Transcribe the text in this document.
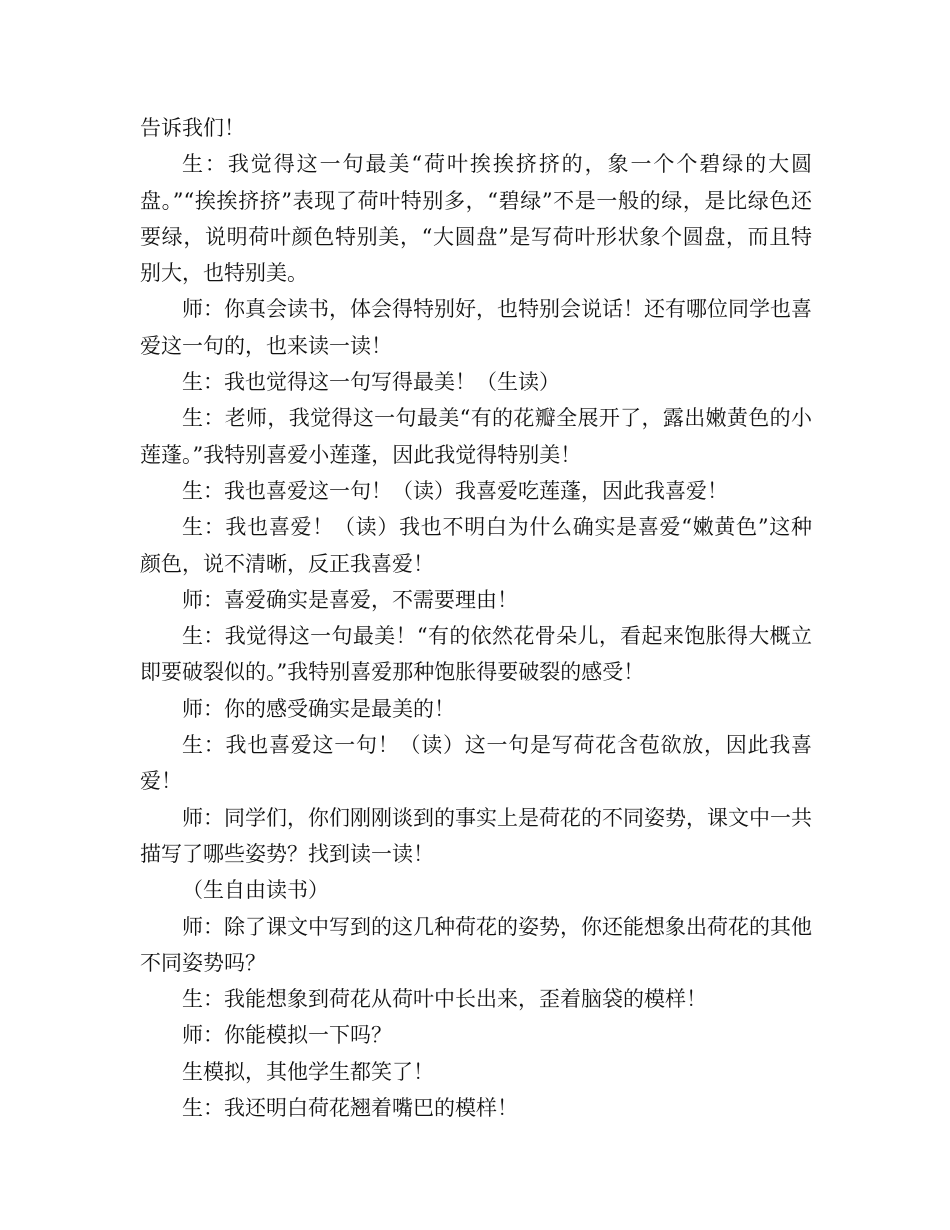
告诉我们！

生：我觉得这一句最美“荷叶挨挨挤挤的，象一个个碧绿的大圆盘。”“挨挨挤挤”表现了荷叶特别多，“碧绿”不是一般的绿，是比绿色还要绿，说明荷叶颜色特别美，“大圆盘”是写荷叶形状象个圆盘，而且特别大，也特别美。

师：你真会读书，体会得特别好，也特别会说话！还有哪位同学也喜爱这一句的，也来读一读！

生：我也觉得这一句写得最美！（生读）

生：老师，我觉得这一句最美“有的花瓣全展开了，露出嫩黄色的小莲蓬。”我特别喜爱小莲蓬，因此我觉得特别美！

生：我也喜爱这一句！（读）我喜爱吃莲蓬，因此我喜爱！

生：我也喜爱！（读）我也不明白为什么确实是喜爱“嫩黄色”这种颜色，说不清晰，反正我喜爱！

师：喜爱确实是喜爱，不需要理由！

生：我觉得这一句最美！“有的依然花骨朵儿，看起来饱胀得大概立即要破裂似的。”我特别喜爱那种饱胀得要破裂的感受！

师：你的感受确实是最美的！

生：我也喜爱这一句！（读）这一句是写荷花含苞欲放，因此我喜爱！

师：同学们，你们刚刚谈到的事实上是荷花的不同姿势，课文中一共描写了哪些姿势？找到读一读！

（生自由读书）

师：除了课文中写到的这几种荷花的姿势，你还能想象出荷花的其他不同姿势吗？

生：我能想象到荷花从荷叶中长出来，歪着脑袋的模样！

师：你能模拟一下吗？

生模拟，其他学生都笑了！

生：我还明白荷花翘着嘴巴的模样！
